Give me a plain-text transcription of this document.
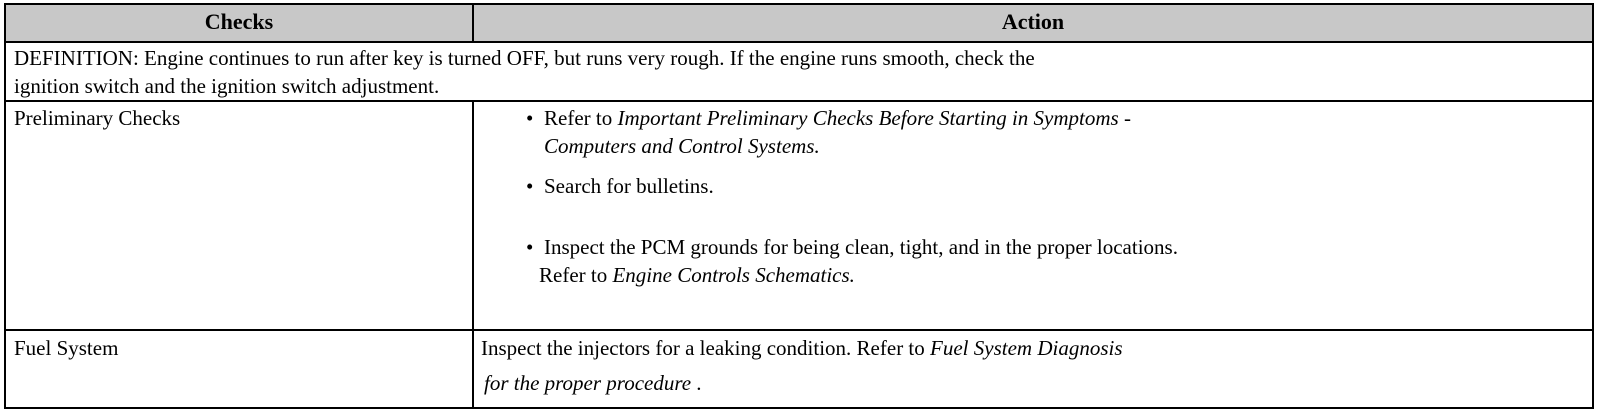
Checks	Action
DEFINITION: Engine continues to run after key is turned OFF, but runs very rough. If the engine runs smooth, check the
ignition switch and the ignition switch adjustment.
Preliminary Checks	• Refer to Important Preliminary Checks Before Starting in Symptoms -
Computers and Control Systems.
• Search for bulletins.
• Inspect the PCM grounds for being clean, tight, and in the proper locations.
Refer to Engine Controls Schematics.
Fuel System	Inspect the injectors for a leaking condition. Refer to Fuel System Diagnosis
for the proper procedure .
